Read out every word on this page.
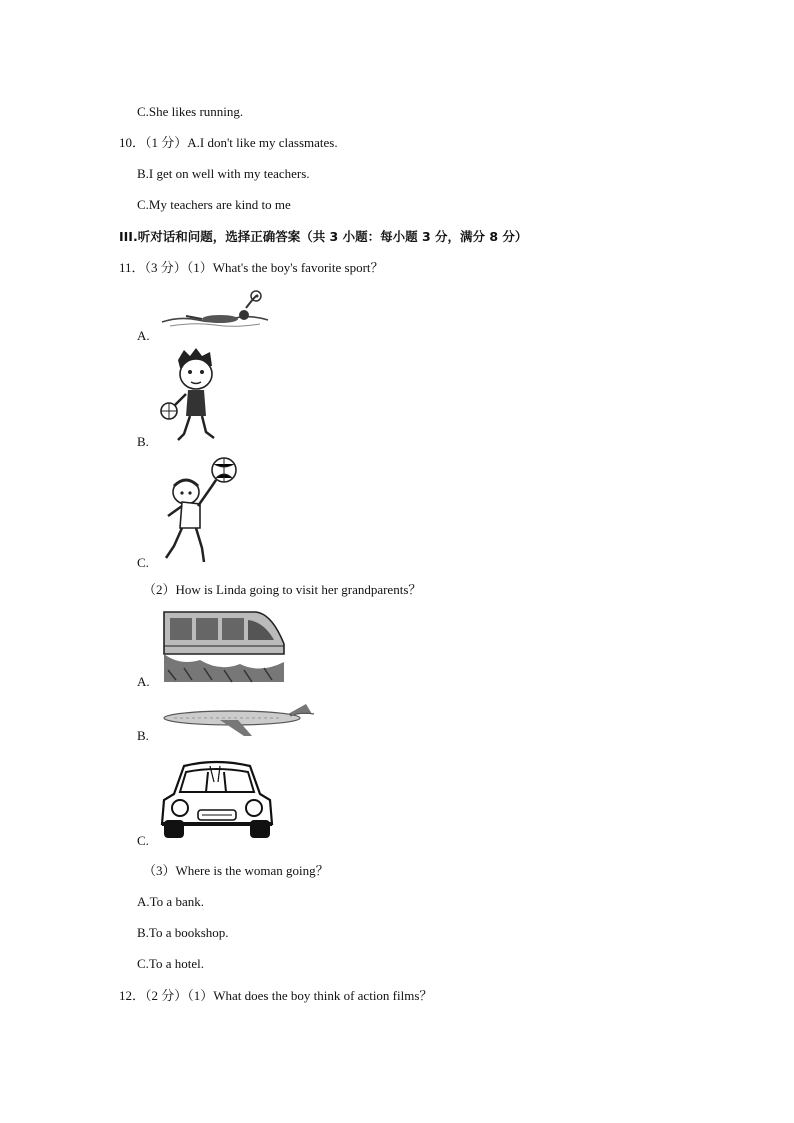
C.She likes running.
10．（1 分）A.I don't like my classmates.
B.I get on well with my teachers.
C.My teachers are kind to me
III.听对话和问题，选择正确答案（共 3 小题：每小题 3 分，满分 8 分）
11．（3 分）（1）What's the boy's favorite sport？
A.
B.
C.
（2）How is Linda going to visit her grandparents？
A.
B.
C.
（3）Where is the woman going？
A.To a bank.
B.To a bookshop.
C.To a hotel.
12．（2 分）（1）What does the boy think of action films？
